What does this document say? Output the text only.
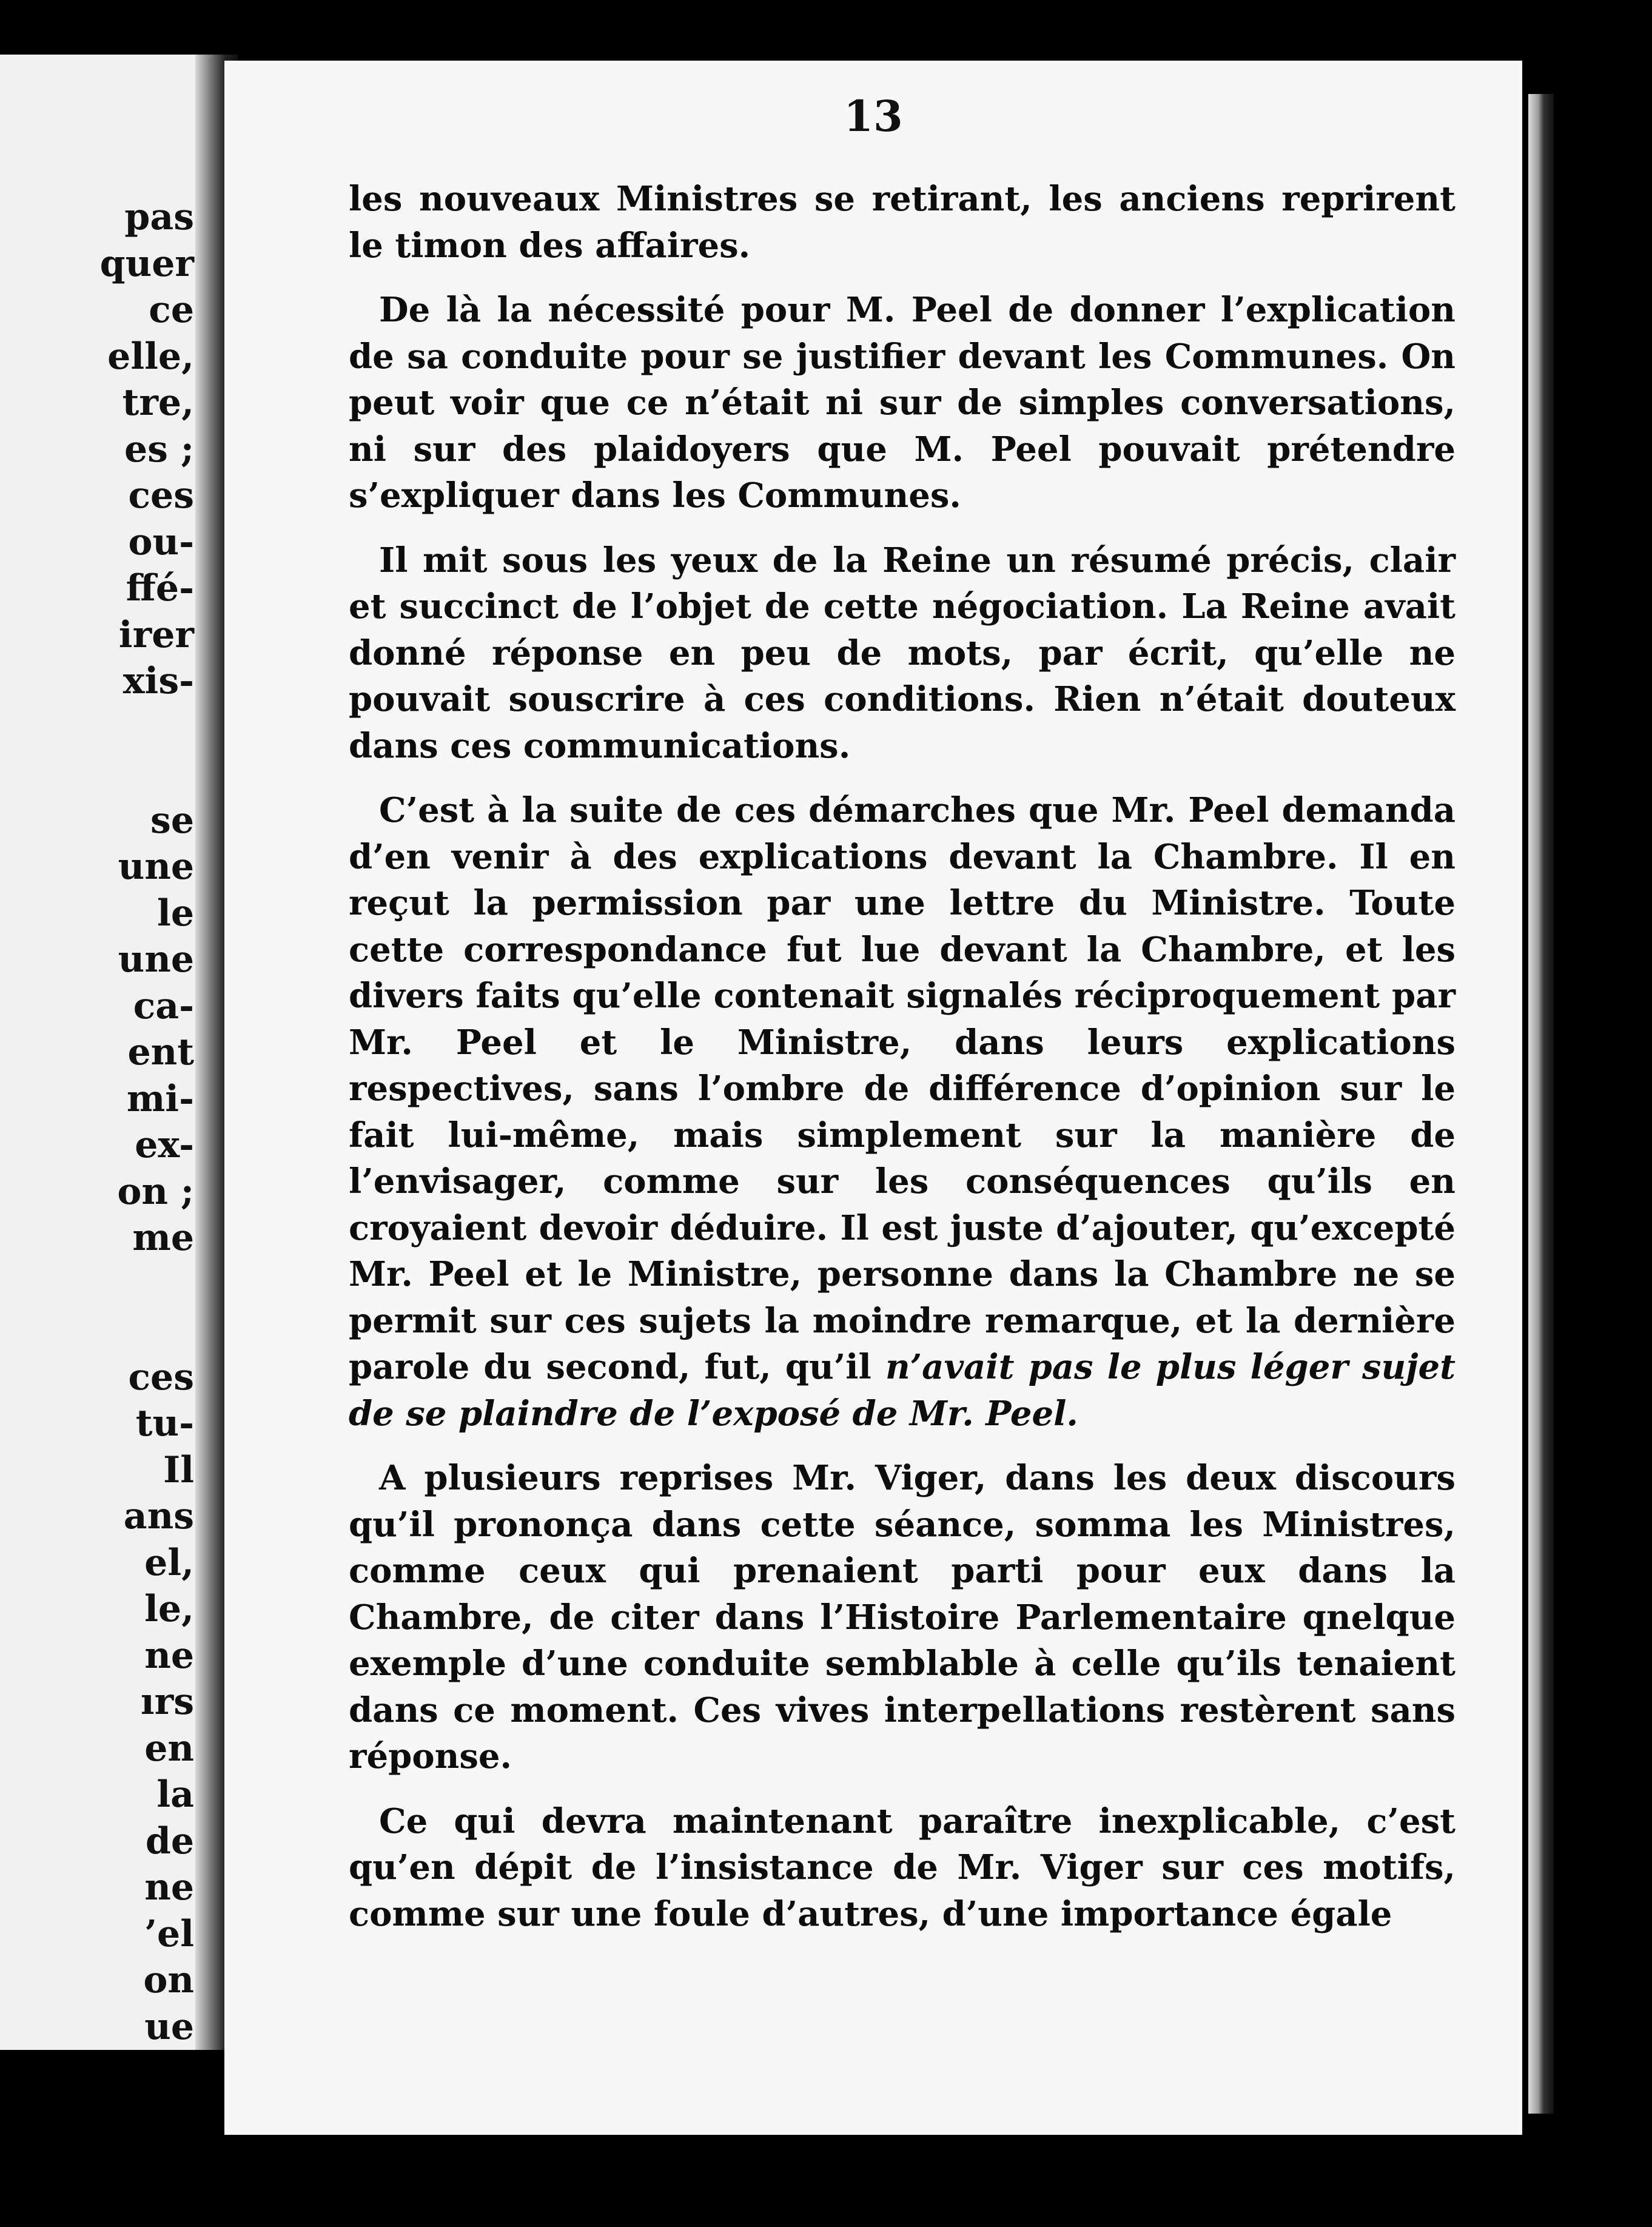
pas
quer
ce
elle,
tre,
es ;
ces
ou-
ffé-
irer
xis-

se
une
le
une
ca-
ent
mi-
ex-
on ;
me

ces
tu-
Il
ans
el,
le,
ne
ırs
en
la
de
ne
’el
on
ue
13

les nouveaux Ministres se retirant, les anciens reprirent le timon des affaires.

De là la nécessité pour M. Peel de donner l’explication de sa conduite pour se justifier devant les Communes. On peut voir que ce n’était ni sur de simples conversations, ni sur des plaidoyers que M. Peel pouvait prétendre s’expliquer dans les Communes.

Il mit sous les yeux de la Reine un résumé précis, clair et succinct de l’objet de cette négociation. La Reine avait donné réponse en peu de mots, par écrit, qu’elle ne pouvait souscrire à ces conditions. Rien n’était douteux dans ces communications.

C’est à la suite de ces démarches que Mr. Peel demanda d’en venir à des explications devant la Chambre. Il en reçut la permission par une lettre du Ministre. Toute cette correspondance fut lue devant la Chambre, et les divers faits qu’elle contenait signalés réciproquement par Mr. Peel et le Ministre, dans leurs explications respectives, sans l’ombre de différence d’opinion sur le fait lui-même, mais simplement sur la manière de l’envisager, comme sur les conséquences qu’ils en croyaient devoir déduire. Il est juste d’ajouter, qu’excepté Mr. Peel et le Ministre, personne dans la Chambre ne se permit sur ces sujets la moindre remarque, et la dernière parole du second, fut, qu’il n’avait pas le plus léger sujet de se plaindre de l’exposé de Mr. Peel.

A plusieurs reprises Mr. Viger, dans les deux discours qu’il prononça dans cette séance, somma les Ministres, comme ceux qui prenaient parti pour eux dans la Chambre, de citer dans l’Histoire Parlementaire qnelque exemple d’une conduite semblable à celle qu’ils tenaient dans ce moment. Ces vives interpellations restèrent sans réponse.

Ce qui devra maintenant paraître inexplicable, c’est qu’en dépit de l’insistance de Mr. Viger sur ces motifs, comme sur une foule d’autres, d’une importance égale
